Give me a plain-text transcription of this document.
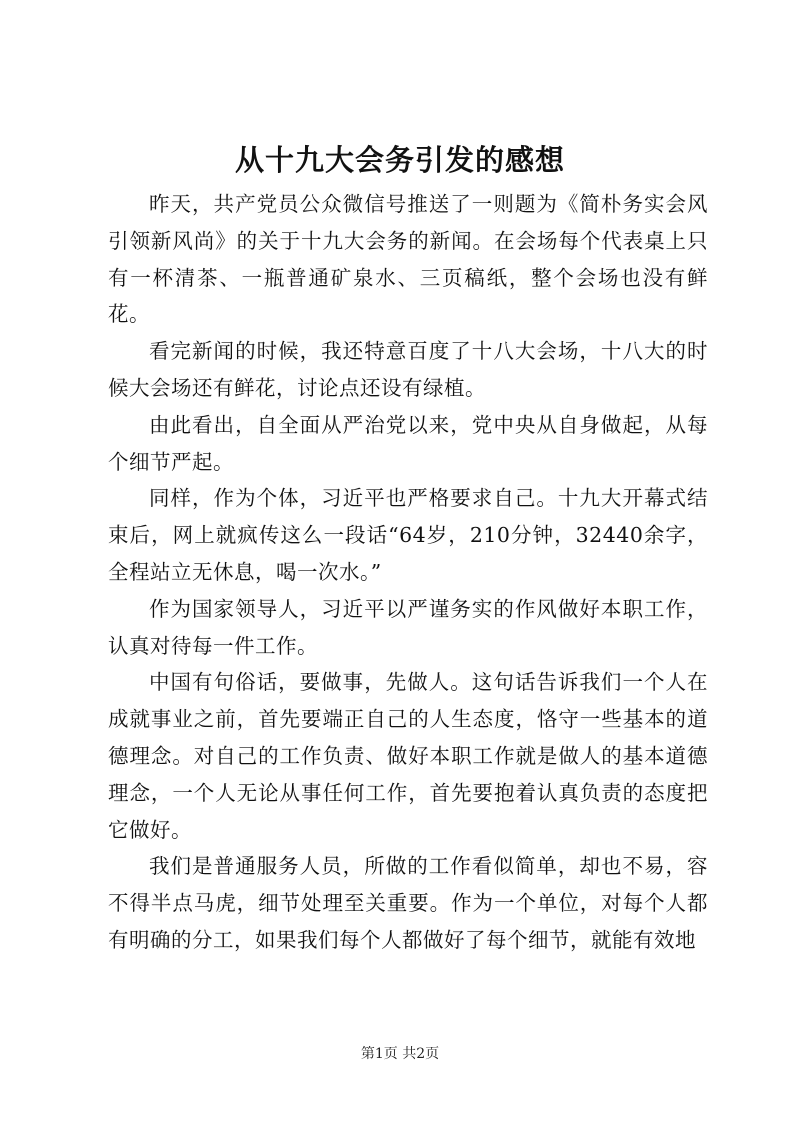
从十九大会务引发的感想

昨天，共产党员公众微信号推送了一则题为《简朴务实会风引领新风尚》的关于十九大会务的新闻。在会场每个代表桌上只有一杯清茶、一瓶普通矿泉水、三页稿纸，整个会场也没有鲜花。

看完新闻的时候，我还特意百度了十八大会场，十八大的时候大会场还有鲜花，讨论点还设有绿植。

由此看出，自全面从严治党以来，党中央从自身做起，从每个细节严起。

同样，作为个体，习近平也严格要求自己。十九大开幕式结束后，网上就疯传这么一段话“64岁，210分钟，32440余字，全程站立无休息，喝一次水。”

作为国家领导人，习近平以严谨务实的作风做好本职工作，认真对待每一件工作。

中国有句俗话，要做事，先做人。这句话告诉我们一个人在成就事业之前，首先要端正自己的人生态度，恪守一些基本的道德理念。对自己的工作负责、做好本职工作就是做人的基本道德理念，一个人无论从事任何工作，首先要抱着认真负责的态度把它做好。

我们是普通服务人员，所做的工作看似简单，却也不易，容不得半点马虎，细节处理至关重要。作为一个单位，对每个人都有明确的分工，如果我们每个人都做好了每个细节，就能有效地

第1页 共2页
